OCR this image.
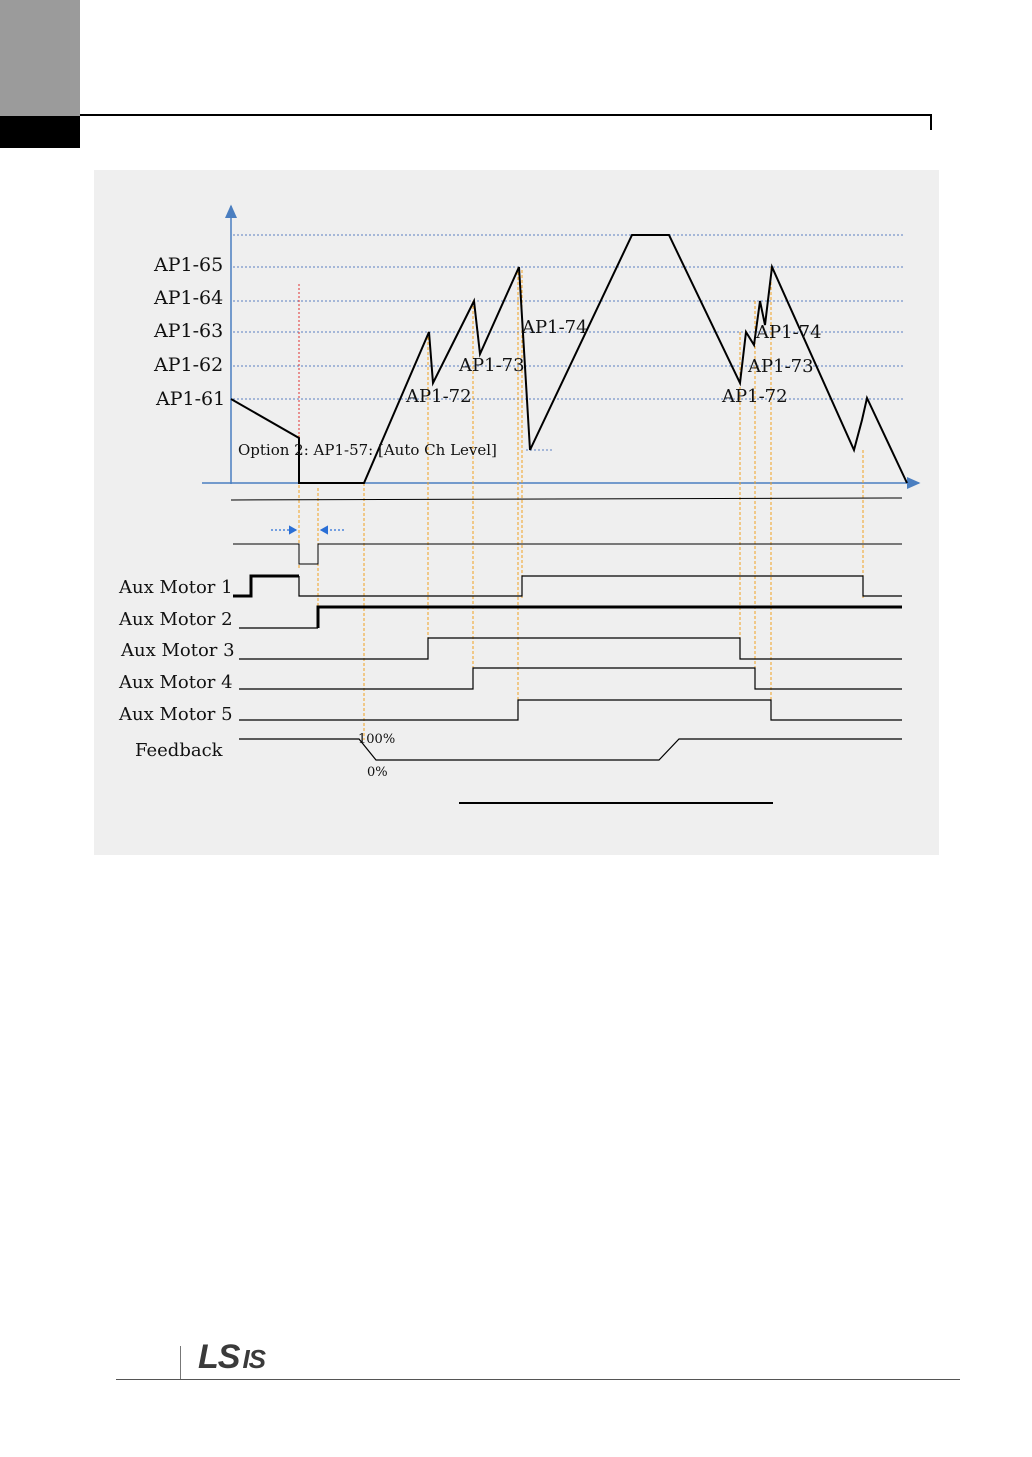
AP1-65
AP1-64
AP1-63
AP1-62
AP1-61
Option 2: AP1-57: [Auto Ch Level]
AP1-72
AP1-73
AP1-74	AP1-74
AP1-73
AP1-72
Aux Motor 1
Aux Motor 2
Aux Motor 3
Aux Motor 4
Aux Motor 5
Feedback
100%
0%
LS IS
